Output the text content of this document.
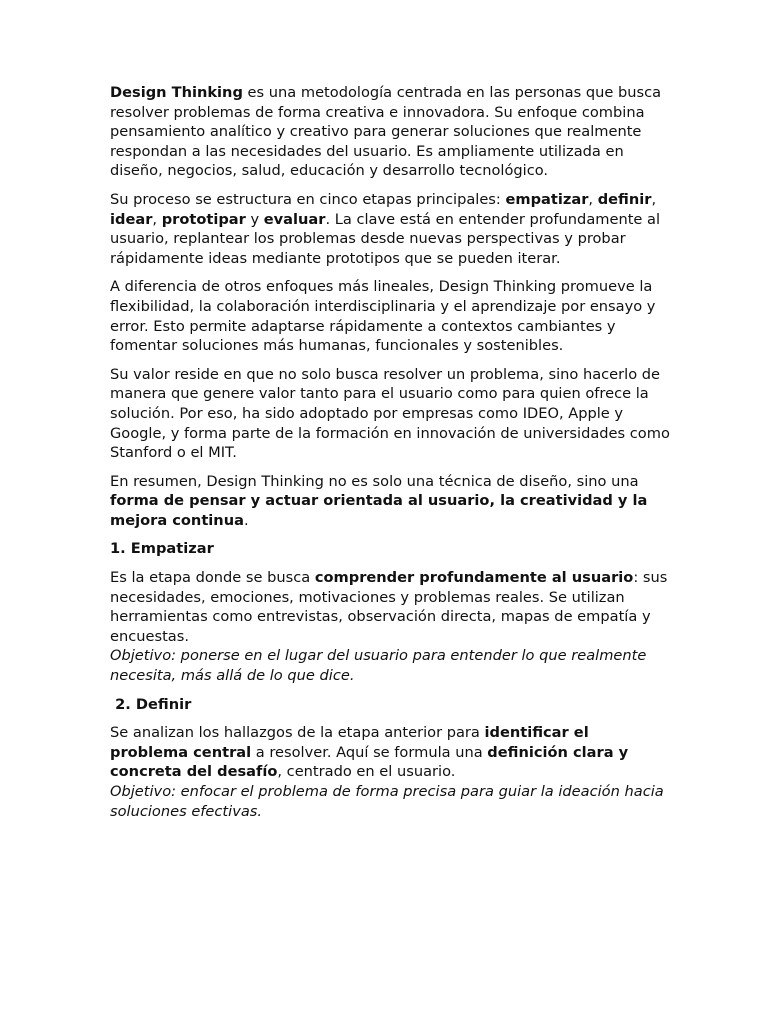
Design Thinking es una metodología centrada en las personas que busca resolver problemas de forma creativa e innovadora. Su enfoque combina pensamiento analítico y creativo para generar soluciones que realmente respondan a las necesidades del usuario. Es ampliamente utilizada en diseño, negocios, salud, educación y desarrollo tecnológico.

Su proceso se estructura en cinco etapas principales: empatizar, definir, idear, prototipar y evaluar. La clave está en entender profundamente al usuario, replantear los problemas desde nuevas perspectivas y probar rápidamente ideas mediante prototipos que se pueden iterar.

A diferencia de otros enfoques más lineales, Design Thinking promueve la flexibilidad, la colaboración interdisciplinaria y el aprendizaje por ensayo y error. Esto permite adaptarse rápidamente a contextos cambiantes y fomentar soluciones más humanas, funcionales y sostenibles.

Su valor reside en que no solo busca resolver un problema, sino hacerlo de manera que genere valor tanto para el usuario como para quien ofrece la solución. Por eso, ha sido adoptado por empresas como IDEO, Apple y Google, y forma parte de la formación en innovación de universidades como Stanford o el MIT.

En resumen, Design Thinking no es solo una técnica de diseño, sino una forma de pensar y actuar orientada al usuario, la creatividad y la mejora continua.

1. Empatizar

Es la etapa donde se busca comprender profundamente al usuario: sus necesidades, emociones, motivaciones y problemas reales. Se utilizan herramientas como entrevistas, observación directa, mapas de empatía y encuestas.
Objetivo: ponerse en el lugar del usuario para entender lo que realmente necesita, más allá de lo que dice.

2. Definir

Se analizan los hallazgos de la etapa anterior para identificar el problema central a resolver. Aquí se formula una definición clara y concreta del desafío, centrado en el usuario.
Objetivo: enfocar el problema de forma precisa para guiar la ideación hacia soluciones efectivas.
